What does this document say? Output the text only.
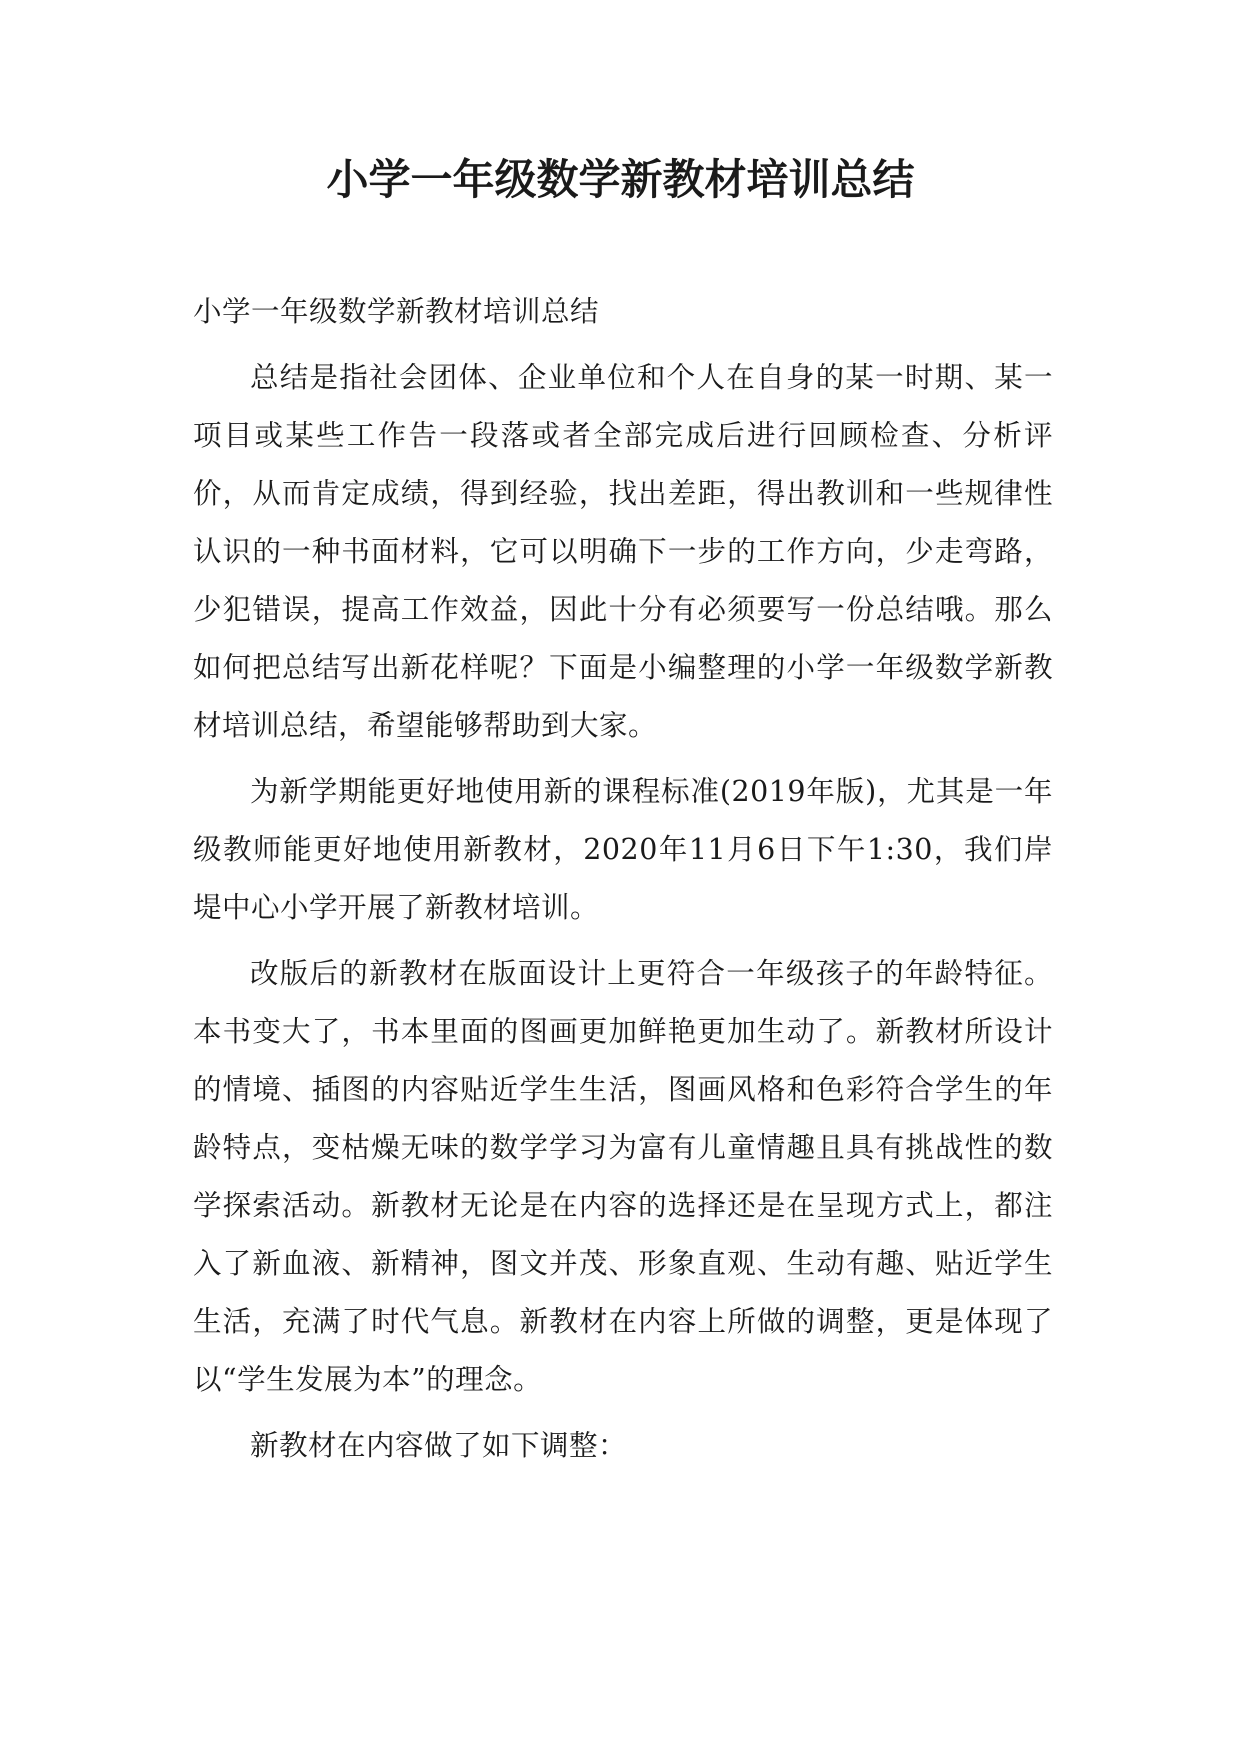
小学一年级数学新教材培训总结

小学一年级数学新教材培训总结

总结是指社会团体、企业单位和个人在自身的某一时期、某一项目或某些工作告一段落或者全部完成后进行回顾检查、分析评价，从而肯定成绩，得到经验，找出差距，得出教训和一些规律性认识的一种书面材料，它可以明确下一步的工作方向，少走弯路，少犯错误，提高工作效益，因此十分有必须要写一份总结哦。那么如何把总结写出新花样呢？下面是小编整理的小学一年级数学新教材培训总结，希望能够帮助到大家。

为新学期能更好地使用新的课程标准(2019年版)，尤其是一年级教师能更好地使用新教材，2020年11月6日下午1:30，我们岸堤中心小学开展了新教材培训。

改版后的新教材在版面设计上更符合一年级孩子的年龄特征。本书变大了，书本里面的图画更加鲜艳更加生动了。新教材所设计的情境、插图的内容贴近学生生活，图画风格和色彩符合学生的年龄特点，变枯燥无味的数学学习为富有儿童情趣且具有挑战性的数学探索活动。新教材无论是在内容的选择还是在呈现方式上，都注入了新血液、新精神，图文并茂、形象直观、生动有趣、贴近学生生活，充满了时代气息。新教材在内容上所做的调整，更是体现了以“学生发展为本”的理念。

新教材在内容做了如下调整：
